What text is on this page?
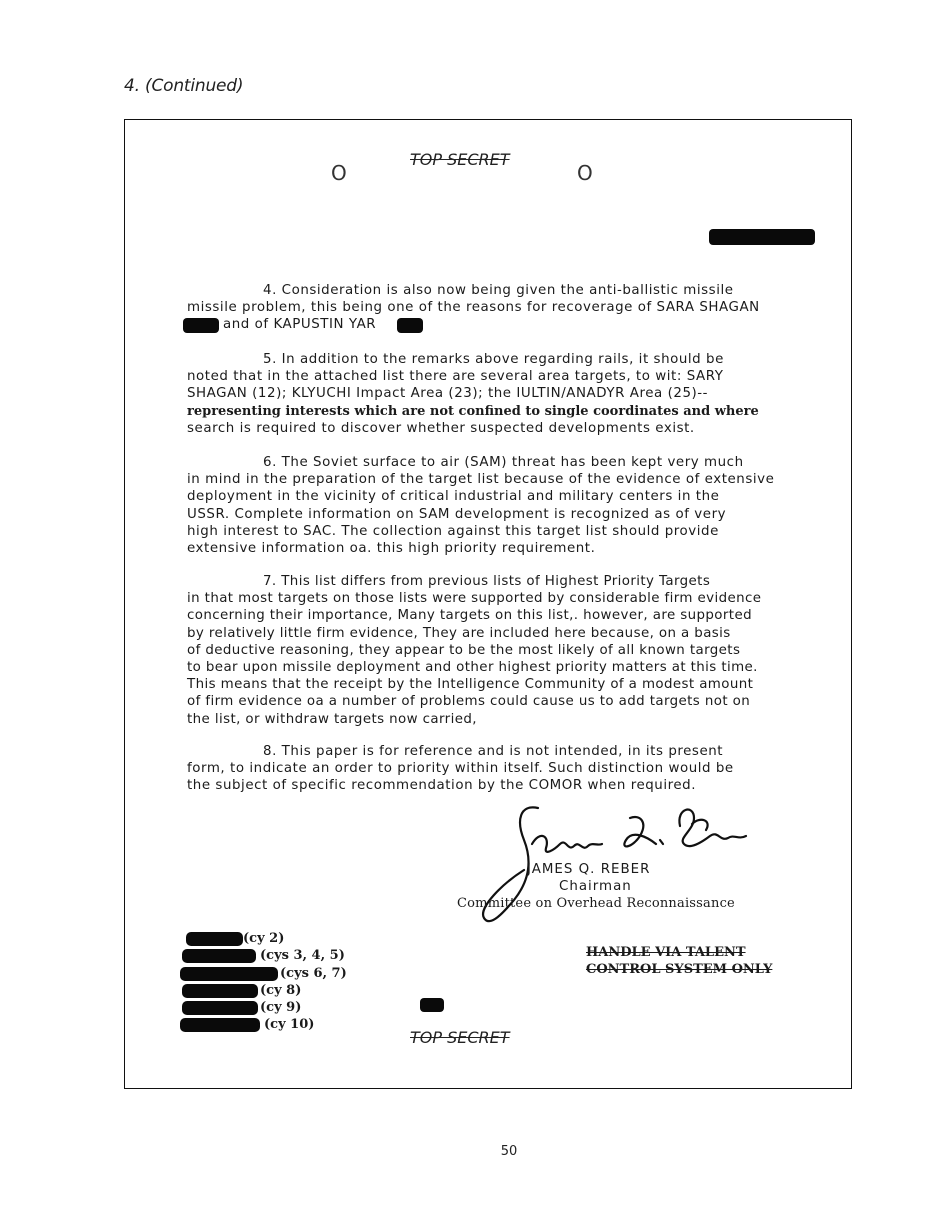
4. (Continued)
TOP SECRET
O	O
4. Consideration is also now being given the anti-ballistic missile
missile problem, this being one of the reasons for recoverage of SARA SHAGAN
and of KAPUSTIN YAR
5. In addition to the remarks above regarding rails, it should be
noted that in the attached list there are several area targets, to wit: SARY
SHAGAN (12); KLYUCHI Impact Area (23); the IULTIN/ANADYR Area (25)--
representing interests which are not confined to single coordinates and where
search is required to discover whether suspected developments exist.
6. The Soviet surface to air (SAM) threat has been kept very much
in mind in the preparation of the target list because of the evidence of extensive
deployment in the vicinity of critical industrial and military centers in the
USSR. Complete information on SAM development is recognized as of very
high interest to SAC. The collection against this target list should provide
extensive information oa. this high priority requirement.
7. This list differs from previous lists of Highest Priority Targets
in that most targets on those lists were supported by considerable firm evidence
concerning their importance, Many targets on this list,. however, are supported
by relatively little firm evidence, They are included here because, on a basis
of deductive reasoning, they appear to be the most likely of all known targets
to bear upon missile deployment and other highest priority matters at this time.
This means that the receipt by the Intelligence Community of a modest amount
of firm evidence oa a number of problems could cause us to add targets not on
the list, or withdraw targets now carried,
8. This paper is for reference and is not intended, in its present
form, to indicate an order to priority within itself. Such distinction would be
the subject of specific recommendation by the COMOR when required.
JAMES Q. REBER
Chairman
Committee on Overhead Reconnaissance
(cy 2)
(cys 3, 4, 5)
(cys 6, 7)
(cy 8)
(cy 9)
(cy 10)
HANDLE VIA TALENT
CONTROL SYSTEM ONLY
TOP SECRET
50
